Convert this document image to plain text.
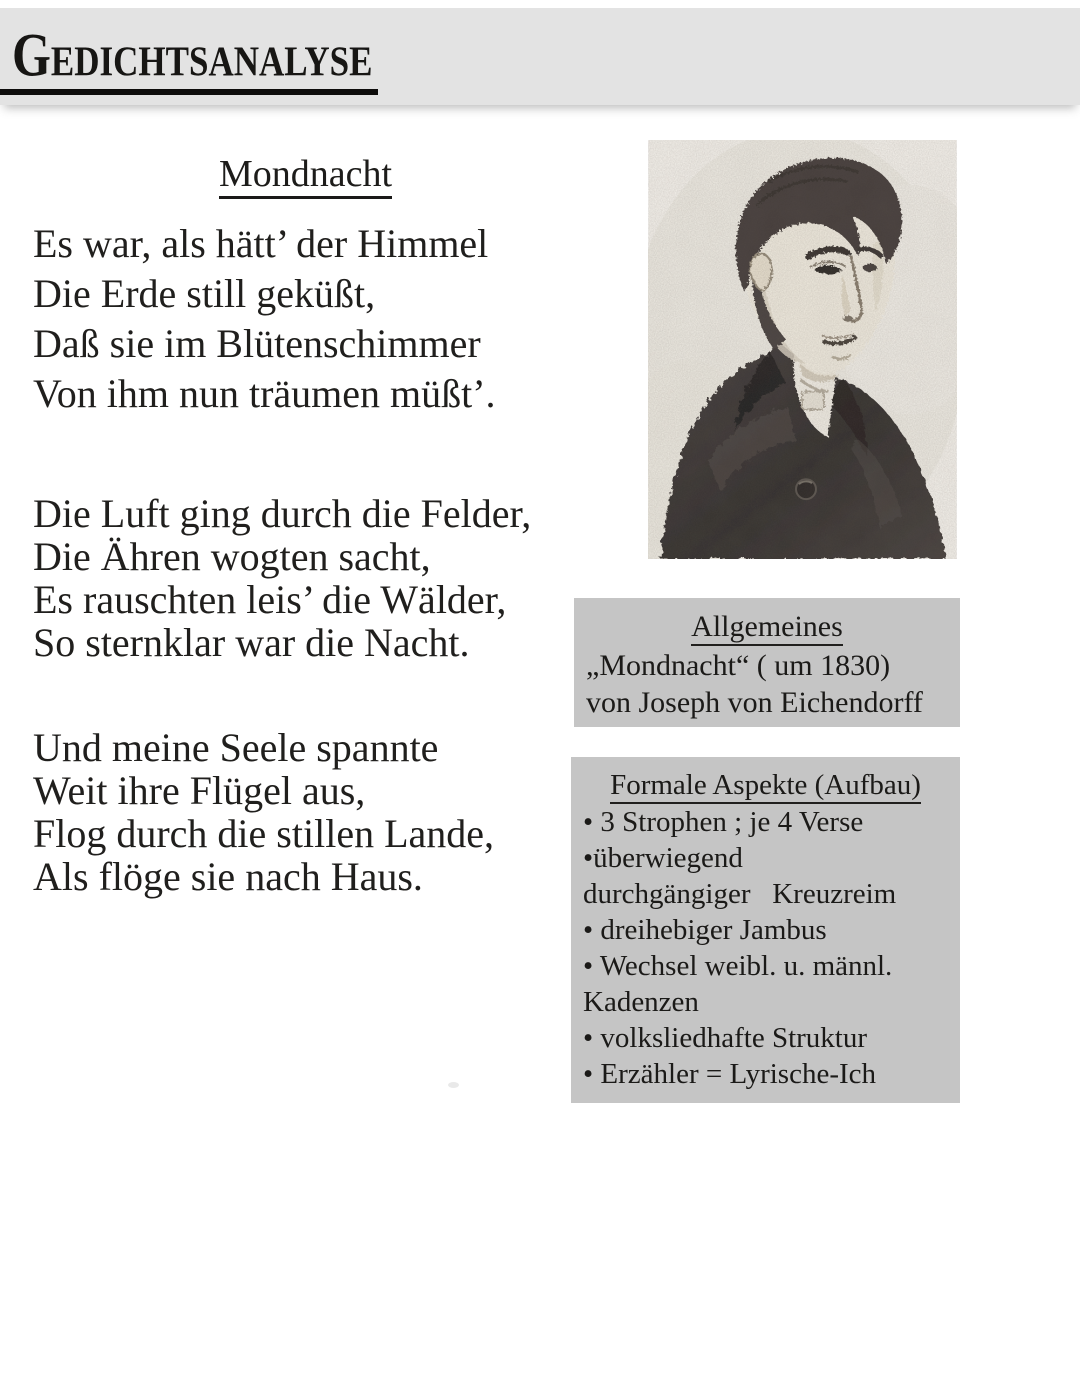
Gedichtsanalyse
Mondnacht
Es war, als hätt’ der Himmel
Die Erde still geküßt,
Daß sie im Blütenschimmer
Von ihm nun träumen müßt’.
Die Luft ging durch die Felder,
Die Ähren wogten sacht,
Es rauschten leis’ die Wälder,
So sternklar war die Nacht.
Und meine Seele spannte
Weit ihre Flügel aus,
Flog durch die stillen Lande,
Als flöge sie nach Haus.
Allgemeines
„Mondnacht“ ( um 1830)
von Joseph von Eichendorff
Formale Aspekte (Aufbau)
• 3 Strophen ; je 4 Verse
•überwiegend
durchgängiger   Kreuzreim
• dreihebiger Jambus
• Wechsel weibl. u. männl.
Kadenzen
• volksliedhafte Struktur
• Erzähler = Lyrische-Ich
